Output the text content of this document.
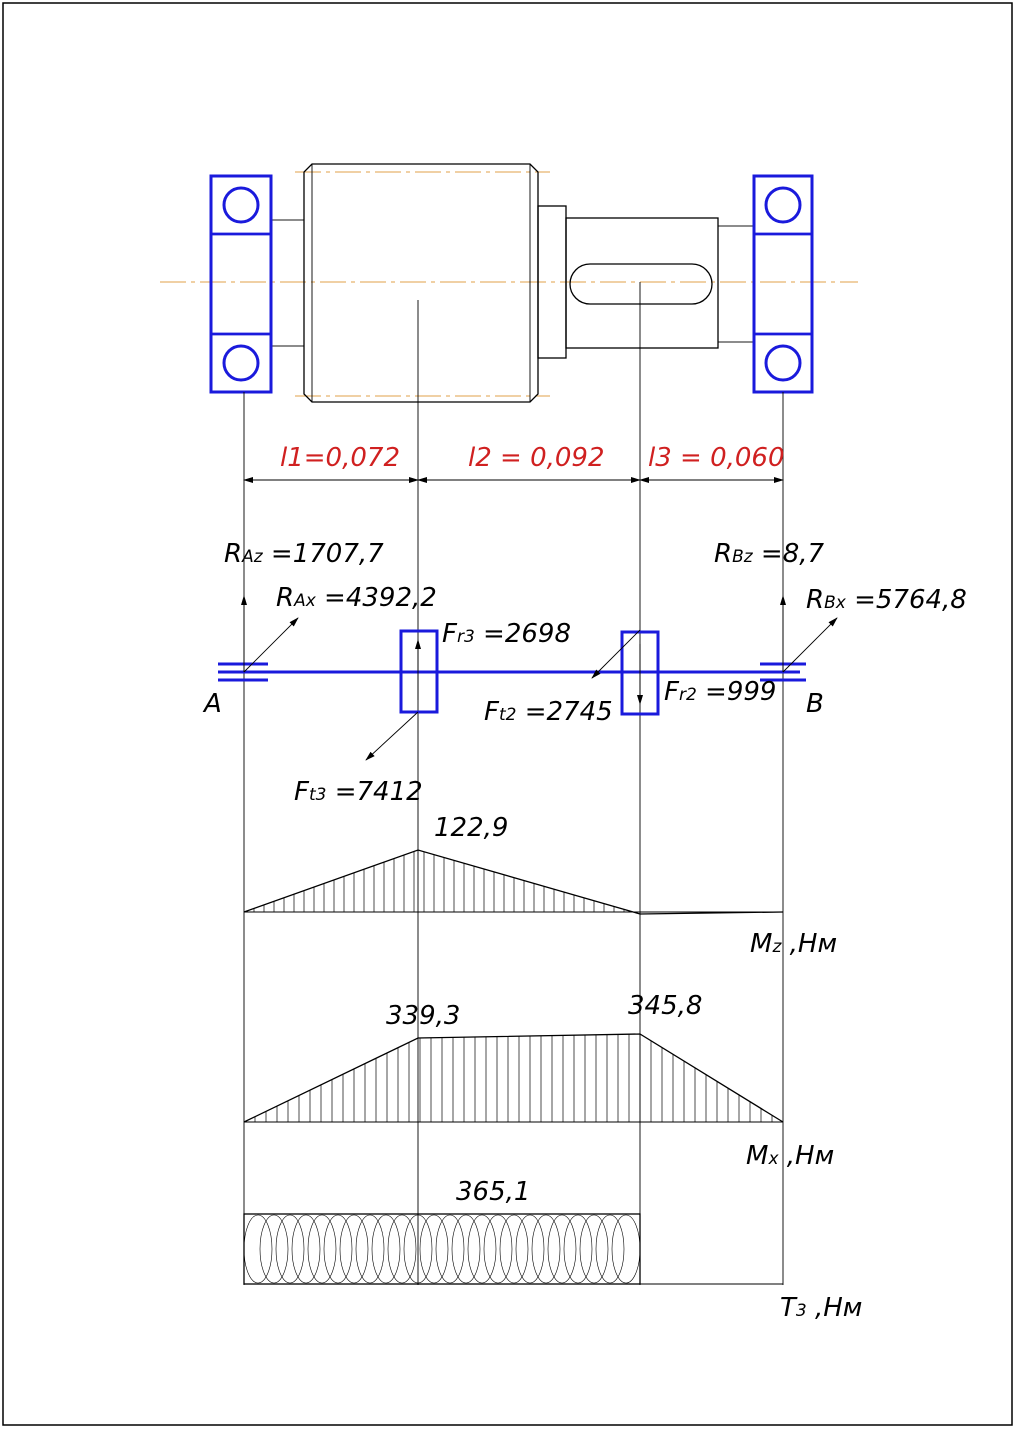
l1=0,072	l2 = 0,092 l3 = 0,060
RAz =1707,7
RAx =4392,2
RBz =8,7
RBx =5764,8
Fr3 =2698
Ft2 =2745
Fr2 =999
Ft3 =7412
A	B
122,9
Mz ,Нм
339,3	345,8
Mx ,Нм
365,1
T3 ,Нм
